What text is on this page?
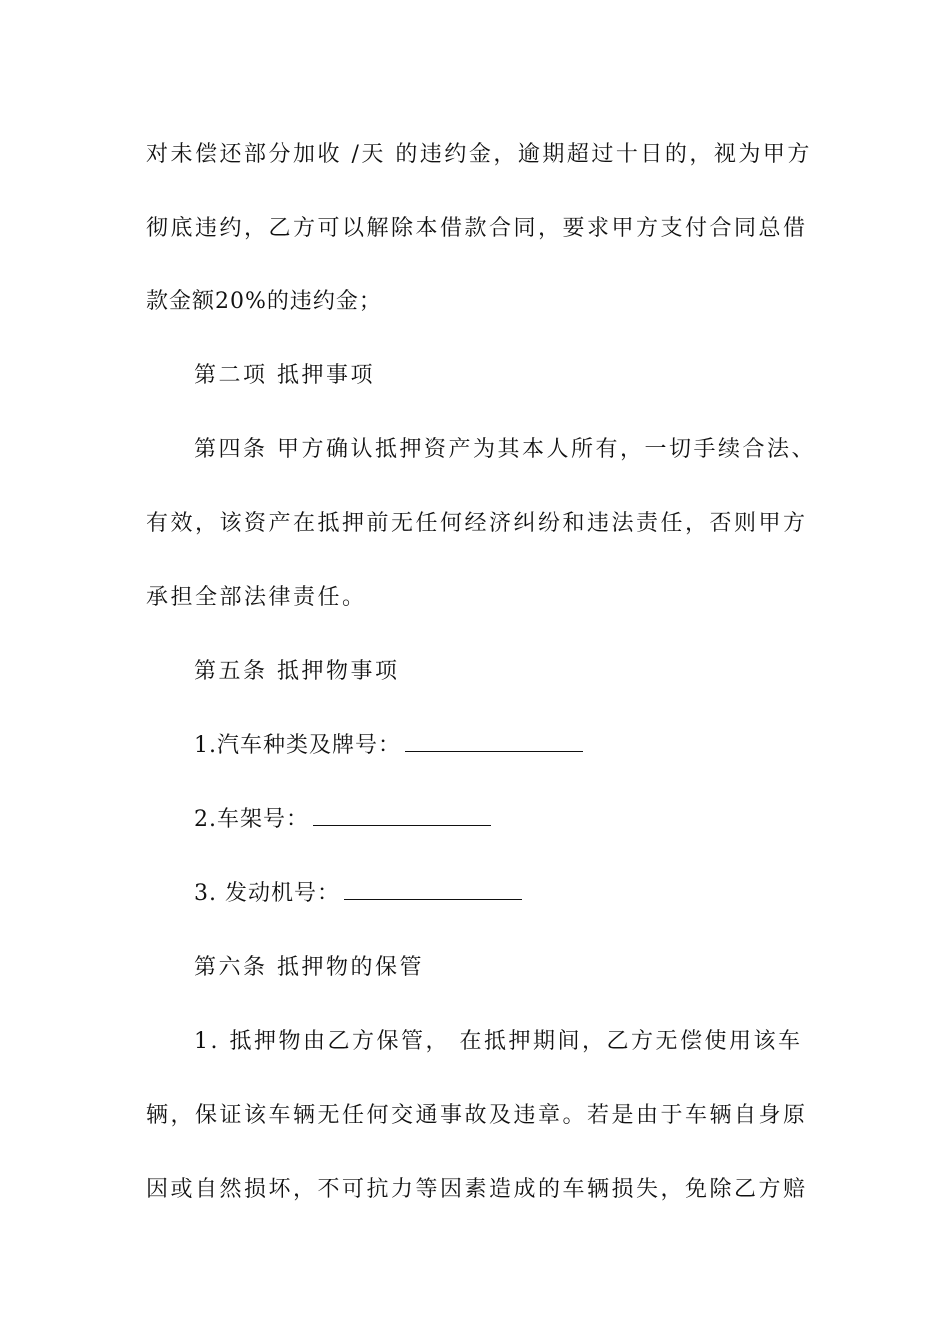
对未偿还部分加收 /天 的违约金，逾期超过十日的，视为甲方
彻底违约，乙方可以解除本借款合同，要求甲方支付合同总借
款金额20%的违约金；
第二项 抵押事项
第四条 甲方确认抵押资产为其本人所有，一切手续合法、
有效，该资产在抵押前无任何经济纠纷和违法责任，否则甲方
承担全部法律责任。
第五条 抵押物事项
1.汽车种类及牌号：
2.车架号：
3. 发动机号：
第六条 抵押物的保管
1. 抵押物由乙方保管， 在抵押期间，乙方无偿使用该车
辆，保证该车辆无任何交通事故及违章。若是由于车辆自身原
因或自然损坏，不可抗力等因素造成的车辆损失，免除乙方赔
